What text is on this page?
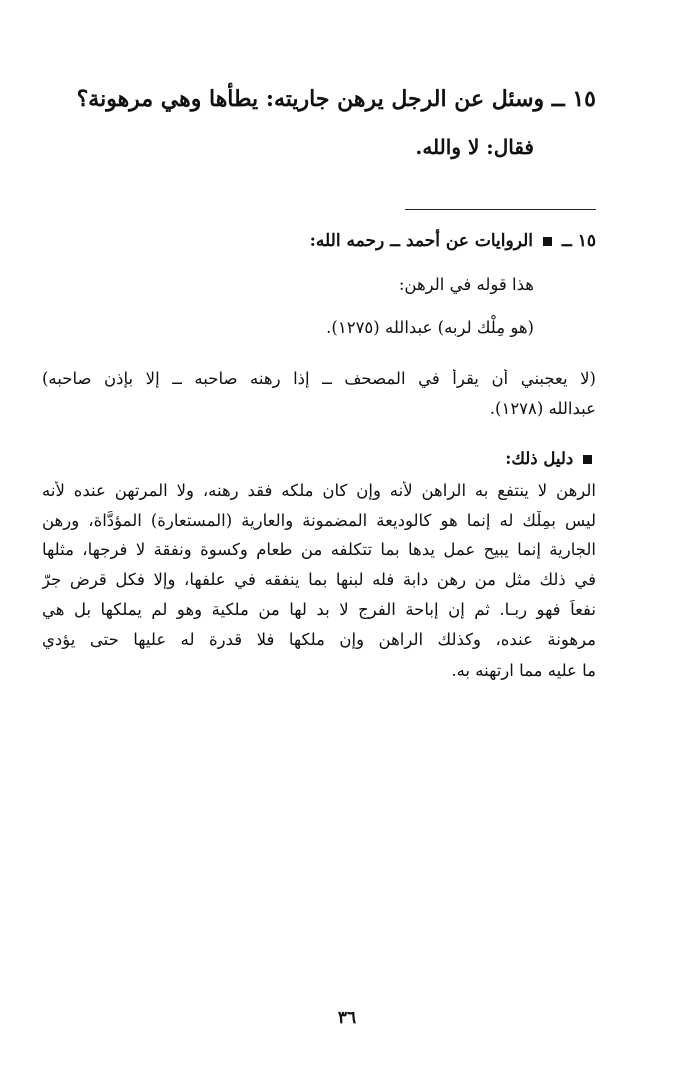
١٥ ــ وسئل عن الرجل يرهن جاريته: يطأها وهي مرهونة؟
فقال: لا والله.
١٥ ــ  الروايات عن أحمد ــ رحمه الله:
هذا قوله في الرهن:
(هو مِلْك لربه) عبدالله (١٢٧٥).
(لا يعجبني أن يقرأ في المصحف ــ إذا رهنه صاحبه ــ إلا بإذن صاحبه)
عبدالله (١٢٧٨).
دليل ذلك:
الرهن لا ينتفع به الراهن لأنه وإن كان ملكه فقد رهنه، ولا المرتهن عنده لأنه
ليس بمِلْك له إنما هو كالوديعة المضمونة والعارية (المستعارة) المؤدَّاة، ورهن
الجارية إنما يبيح عمل يدها بما تتكلفه من طعام وكسوة ونفقة لا فرجها، مثلها
في ذلك مثل من رهن دابة فله لبنها بما ينفقه في علفها، وإلا فكل قرض جرّ
نفعاً فهو ربـا. ثم إن إباحة الفرج لا بد لها من ملكية وهو لم يملكها بل هي
مرهونة عنده، وكذلك الراهن وإن ملكها فلا قدرة له عليها حتى يؤدي
ما عليه مما ارتهنه به.
٣٦
